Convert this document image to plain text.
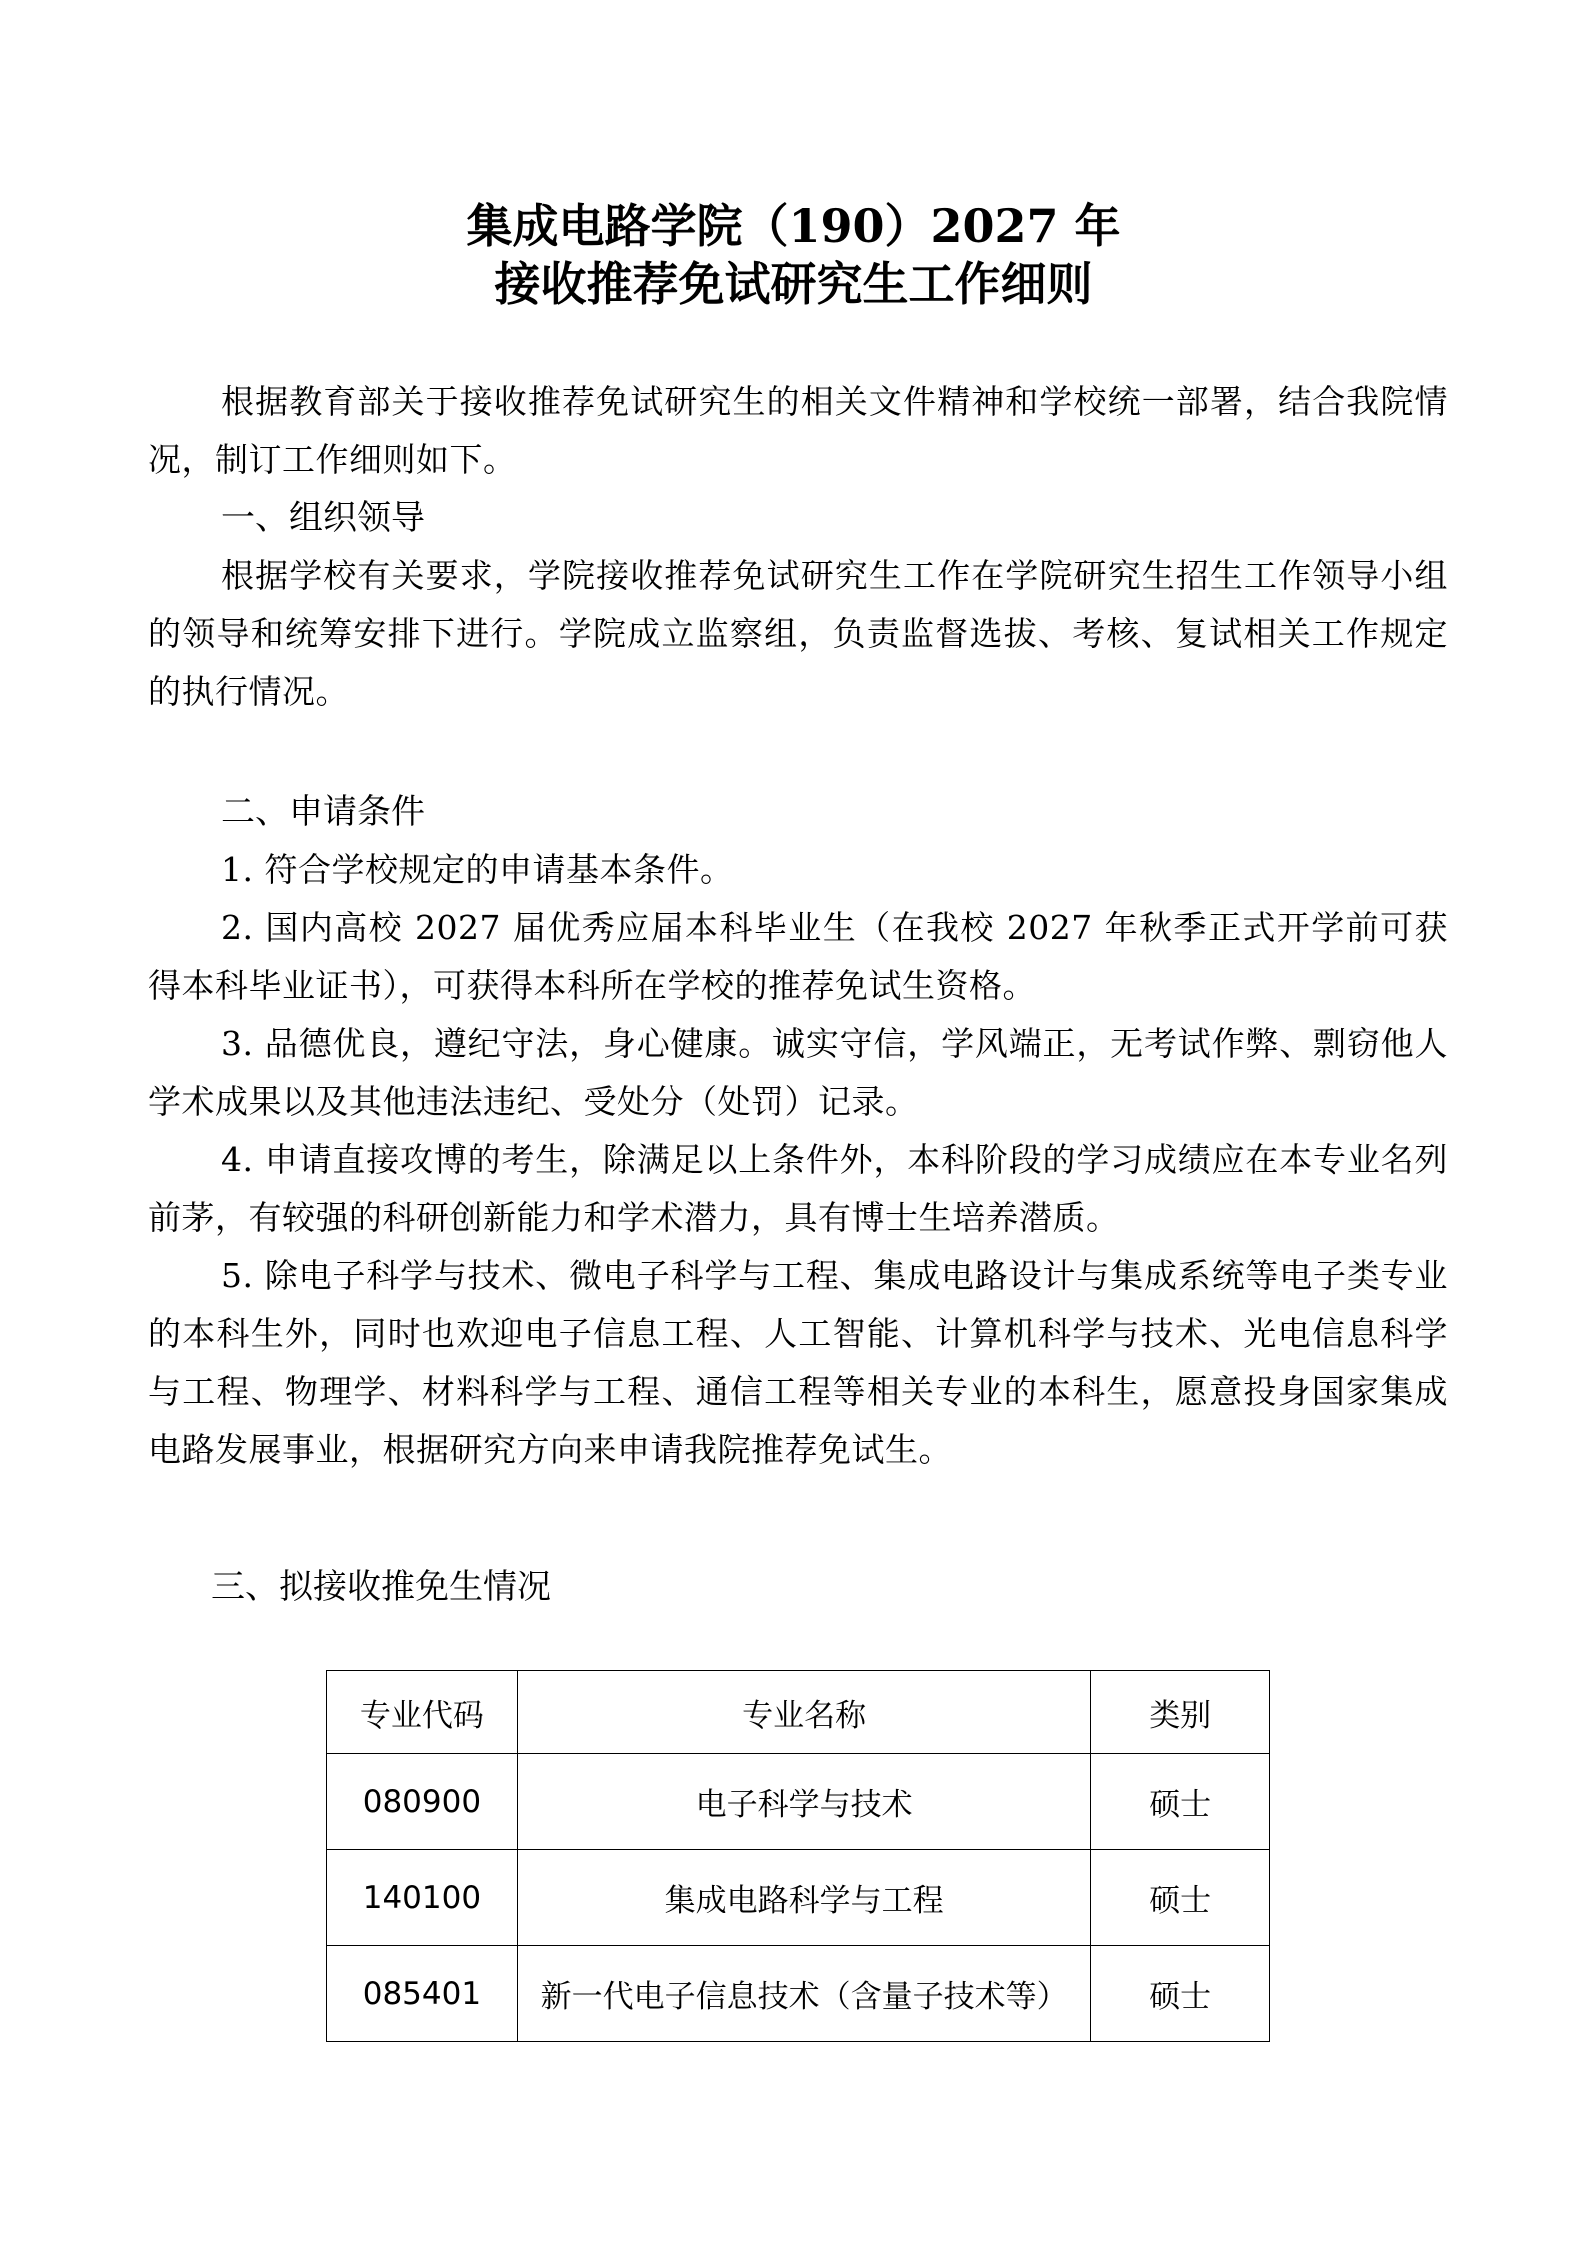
集成电路学院（190）2027 年
接收推荐免试研究生工作细则
根据教育部关于接收推荐免试研究生的相关文件精神和学校统一部署，结合我院情况，制订工作细则如下。
一、组织领导
根据学校有关要求，学院接收推荐免试研究生工作在学院研究生招生工作领导小组的领导和统筹安排下进行。学院成立监察组，负责监督选拔、考核、复试相关工作规定的执行情况。
二、申请条件
1. 符合学校规定的申请基本条件。
2. 国内高校 2027 届优秀应届本科毕业生（在我校 2027 年秋季正式开学前可获得本科毕业证书），可获得本科所在学校的推荐免试生资格。
3. 品德优良，遵纪守法，身心健康。诚实守信，学风端正，无考试作弊、剽窃他人学术成果以及其他违法违纪、受处分（处罚）记录。
4. 申请直接攻博的考生，除满足以上条件外，本科阶段的学习成绩应在本专业名列前茅，有较强的科研创新能力和学术潜力，具有博士生培养潜质。
5. 除电子科学与技术、微电子科学与工程、集成电路设计与集成系统等电子类专业的本科生外，同时也欢迎电子信息工程、人工智能、计算机科学与技术、光电信息科学与工程、物理学、材料科学与工程、通信工程等相关专业的本科生，愿意投身国家集成电路发展事业，根据研究方向来申请我院推荐免试生。
三、拟接收推免生情况
专业代码	专业名称	类别
080900	电子科学与技术	硕士
140100	集成电路科学与工程	硕士
085401	新一代电子信息技术（含量子技术等）	硕士
